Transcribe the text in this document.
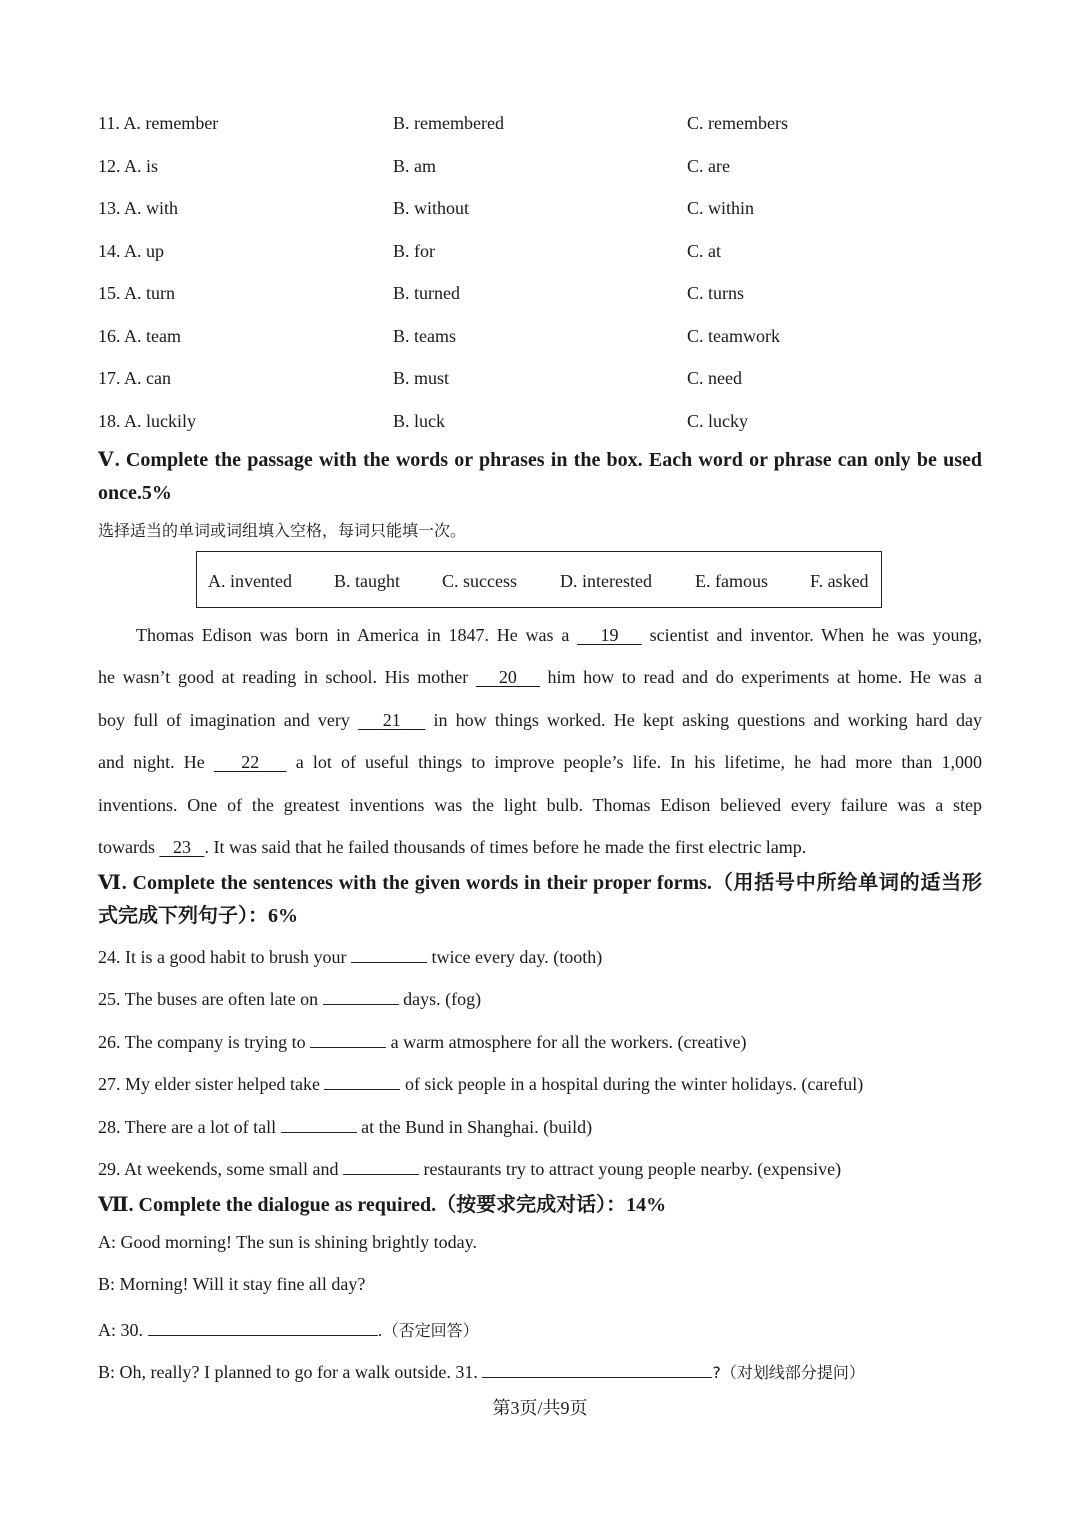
11. A. remember	B. remembered	C. remembers
12. A. is	B. am	C. are
13. A. with	B. without	C. within
14. A. up	B. for	C. at
15. A. turn	B. turned	C. turns
16. A. team	B. teams	C. teamwork
17. A. can	B. must	C. need
18. A. luckily	B. luck	C. lucky
Ⅴ. Complete the passage with the words or phrases in the box. Each word or phrase can only be used once.5%
选择适当的单词或词组填入空格，每词只能填一次。
A. invented B. taught C. success D. interested E. famous F. asked
Thomas Edison was born in America in 1847. He was a    19    scientist and inventor. When he was young,
he wasn’t good at reading in school. His mother    20    him how to read and do experiments at home. He was a
boy full of imagination and very    21    in how things worked. He kept asking questions and working hard day
and night. He    22    a lot of useful things to improve people’s life. In his lifetime, he had more than 1,000
inventions. One of the greatest inventions was the light bulb. Thomas Edison believed every failure was a step
towards    23 . It was said that he failed thousands of times before he made the first electric lamp.
Ⅵ. Complete the sentences with the given words in their proper forms.（用括号中所给单词的适当形式完成下列句子）：6%
24. It is a good habit to brush your	twice every day. (tooth)
25. The buses are often late on	days. (fog)
26. The company is trying to	a warm atmosphere for all the workers. (creative)
27. My elder sister helped take	of sick people in a hospital during the winter holidays. (careful)
28. There are a lot of tall	at the Bund in Shanghai. (build)
29. At weekends, some small and	restaurants try to attract young people nearby. (expensive)
Ⅶ. Complete the dialogue as required.（按要求完成对话）：14%
A: Good morning! The sun is shining brightly today.
B: Morning! Will it stay fine all day?
A: 30.	.（否定回答）
B: Oh, really? I planned to go for a walk outside. 31.	?（对划线部分提问）
第3页/共9页
